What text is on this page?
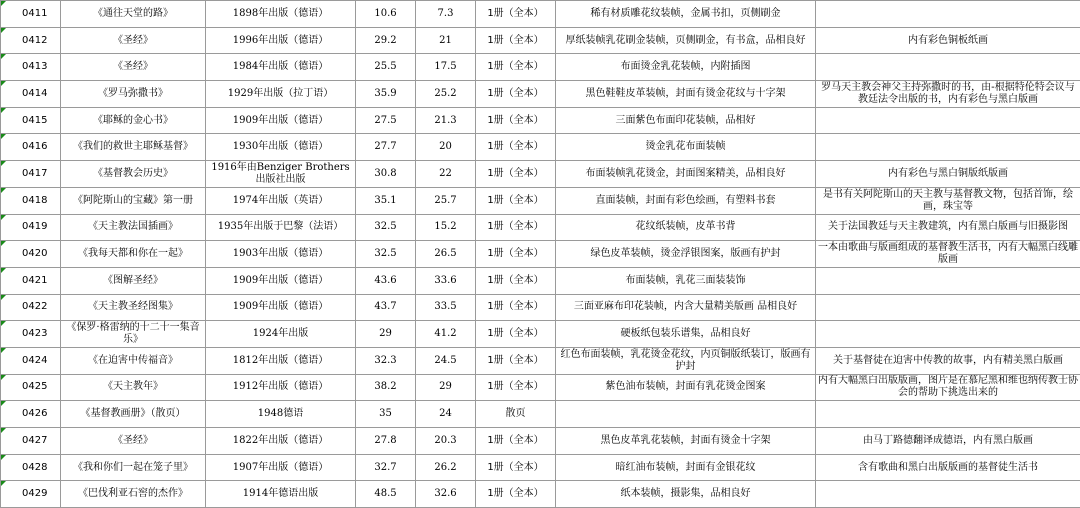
0411	《通往天堂的路》	1898年出版（德语）	10.6	7.3	1册（全本）	稀有材质雕花纹装帧，金属书扣，页侧刷金	

0412	《圣经》	1996年出版（德语）	29.2	21	1册（全本）	厚纸装帧乳花刷金装帧，页侧刷金，有书盒，品相良好	内有彩色铜板纸画

0413	《圣经》	1984年出版（德语）	25.5	17.5	1册（全本）	布面烫金乳花装帧，内附插图	

0414	《罗马弥撒书》	1929年出版（拉丁语）	35.9	25.2	1册（全本）	黑色鞋鞋皮革装帧，封面有烫金花纹与十字架	罗马天主教会神父主持弥撒时的书，由-根据特伦特会议与教廷法令出版的书，内有彩色与黑白版画

0415	《耶稣的金心书》	1909年出版（德语）	27.5	21.3	1册（全本）	三面紫色布面印花装帧，品相好	

0416	《我们的救世主耶稣基督》	1930年出版（德语）	27.7	20	1册（全本）	烫金乳花布面装帧	

0417	《基督教会历史》	1916年由Benziger Brothers出版社出版	30.8	22	1册（全本）	布面装帧乳花烫金，封面图案精美，品相良好	内有彩色与黑白铜版纸版画

0418	《阿陀斯山的宝藏》第一册	1974年出版（英语）	35.1	25.7	1册（全本）	直面装帧，封面有彩色绘画，有塑料书套	是书有关阿陀斯山的天主教与基督教文物，包括首饰，绘画，珠宝等

0419	《天主教法国插画》	1935年出版于巴黎（法语）	32.5	15.2	1册（全本）	花纹纸装帧，皮革书背	关于法国教廷与天主教建筑，内有黑白版画与旧摄影图

0420	《我每天都和你在一起》	1903年出版（德语）	32.5	26.5	1册（全本）	绿色皮革装帧，烫金浮银图案，版画有护封	一本由歌曲与版画组成的基督教生活书，内有大幅黑白线雕版画

0421	《图解圣经》	1909年出版（德语）	43.6	33.6	1册（全本）	布面装帧，乳花三面装装饰	

0422	《天主教圣经图集》	1909年出版（德语）	43.7	33.5	1册（全本）	三面亚麻布印花装帧，内含大量精美版画 品相良好	

0423	《保罗·格雷纳的十二十一集音乐》	1924年出版	29	41.2	1册（全本）	硬板纸包装乐谱集，品相良好	

0424	《在迫害中传福音》	1812年出版（德语）	32.3	24.5	1册（全本）	红色布面装帧，乳花烫金花纹，内页铜版纸装订，版画有护封	关于基督徒在迫害中传教的故事，内有精美黑白版画

0425	《天主教年》	1912年出版（德语）	38.2	29	1册（全本）	紫色油布装帧，封面有乳花烫金图案	内有大幅黑白出版版画，图片是在慕尼黑和维也纳传教士协会的帮助下挑选出来的

0426	《基督教画册》（散页）	1948德语	35	24	散页		

0427	《圣经》	1822年出版（德语）	27.8	20.3	1册（全本）	黑色皮革乳花装帧，封面有烫金十字架	由马丁路德翻译成德语，内有黑白版画

0428	《我和你们一起在笼子里》	1907年出版（德语）	32.7	26.2	1册（全本）	暗红油布装帧，封面有金银花纹	含有歌曲和黑白出版版画的基督徒生活书

0429	《巴伐利亚石窖的杰作》	1914年德语出版	48.5	32.6	1册（全本）	纸本装帧，摄影集，品相良好	
